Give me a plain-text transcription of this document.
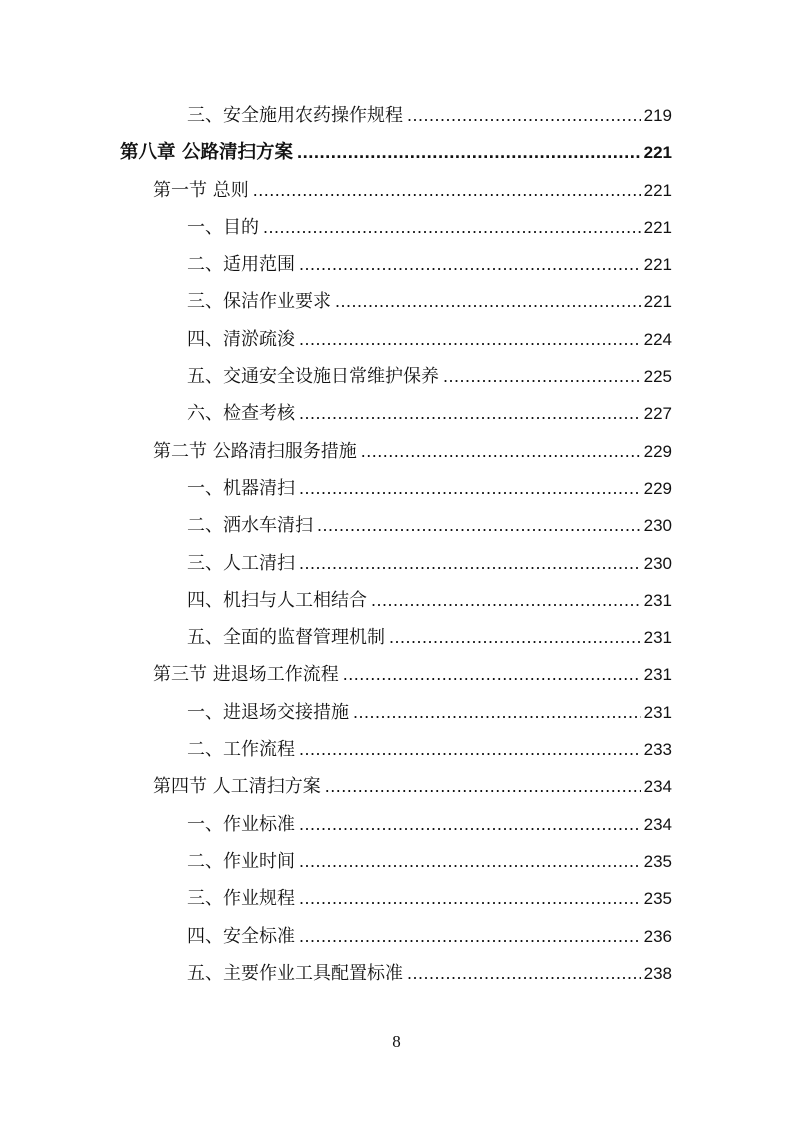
三、安全施用农药操作规程 .....	219
第八章 公路清扫方案 .....	221
第一节 总则 .....	221
一、目的 .....	221
二、适用范围 .....	221
三、保洁作业要求 .....	221
四、清淤疏浚 .....	224
五、交通安全设施日常维护保养 .....	225
六、检查考核 .....	227
第二节 公路清扫服务措施 .....	229
一、机器清扫 .....	229
二、洒水车清扫 .....	230
三、人工清扫 .....	230
四、机扫与人工相结合 .....	231
五、全面的监督管理机制 .....	231
第三节 进退场工作流程 .....	231
一、进退场交接措施 .....	231
二、工作流程 .....	233
第四节 人工清扫方案 .....	234
一、作业标准 .....	234
二、作业时间 .....	235
三、作业规程 .....	235
四、安全标准 .....	236
五、主要作业工具配置标准 .....	238
8
